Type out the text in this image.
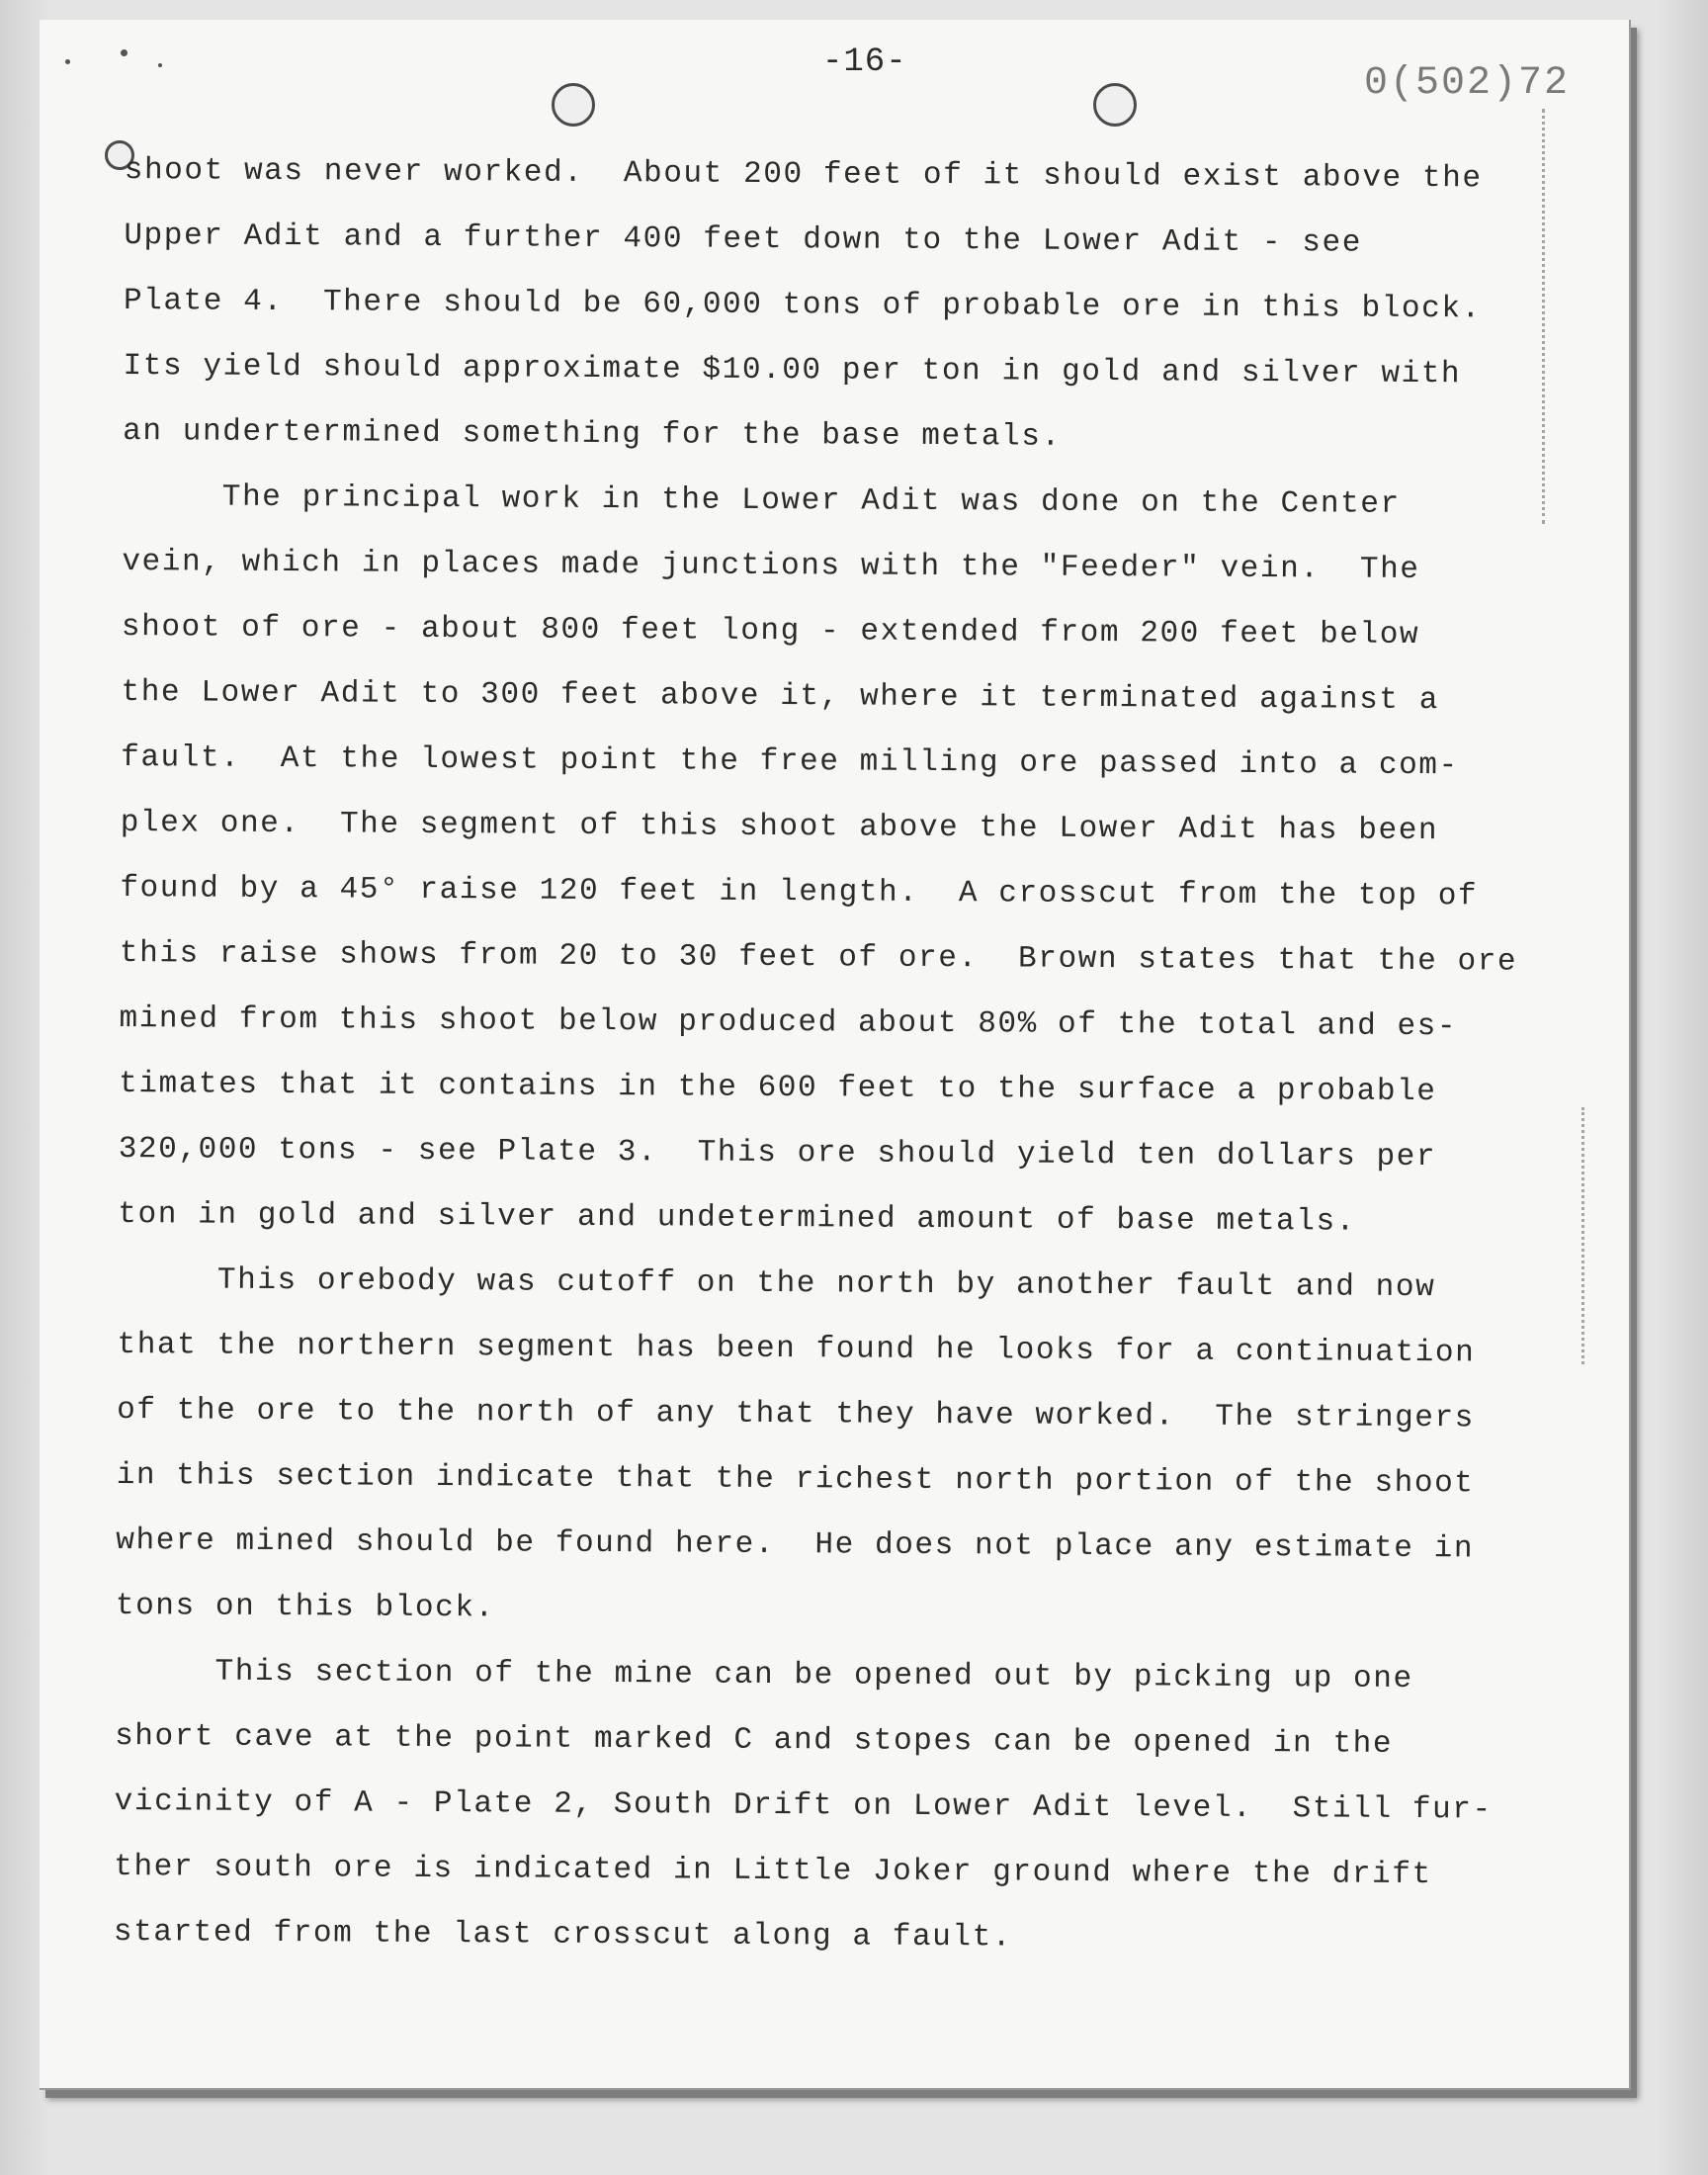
-16-	0(502)72

shoot was never worked.  About 200 feet of it should exist above the

Upper Adit and a further 400 feet down to the Lower Adit - see

Plate 4.  There should be 60,000 tons of probable ore in this block.

Its yield should approximate $10.00 per ton in gold and silver with

an undertermined something for the base metals.

The principal work in the Lower Adit was done on the Center

vein, which in places made junctions with the "Feeder" vein.  The

shoot of ore - about 800 feet long - extended from 200 feet below

the Lower Adit to 300 feet above it, where it terminated against a

fault.  At the lowest point the free milling ore passed into a com-

plex one.  The segment of this shoot above the Lower Adit has been

found by a 45° raise 120 feet in length.  A crosscut from the top of

this raise shows from 20 to 30 feet of ore.  Brown states that the ore

mined from this shoot below produced about 80% of the total and es-

timates that it contains in the 600 feet to the surface a probable

320,000 tons - see Plate 3.  This ore should yield ten dollars per

ton in gold and silver and undetermined amount of base metals.

This orebody was cutoff on the north by another fault and now

that the northern segment has been found he looks for a continuation

of the ore to the north of any that they have worked.  The stringers

in this section indicate that the richest north portion of the shoot

where mined should be found here.  He does not place any estimate in

tons on this block.

This section of the mine can be opened out by picking up one

short cave at the point marked C and stopes can be opened in the

vicinity of A - Plate 2, South Drift on Lower Adit level.  Still fur-

ther south ore is indicated in Little Joker ground where the drift

started from the last crosscut along a fault.
